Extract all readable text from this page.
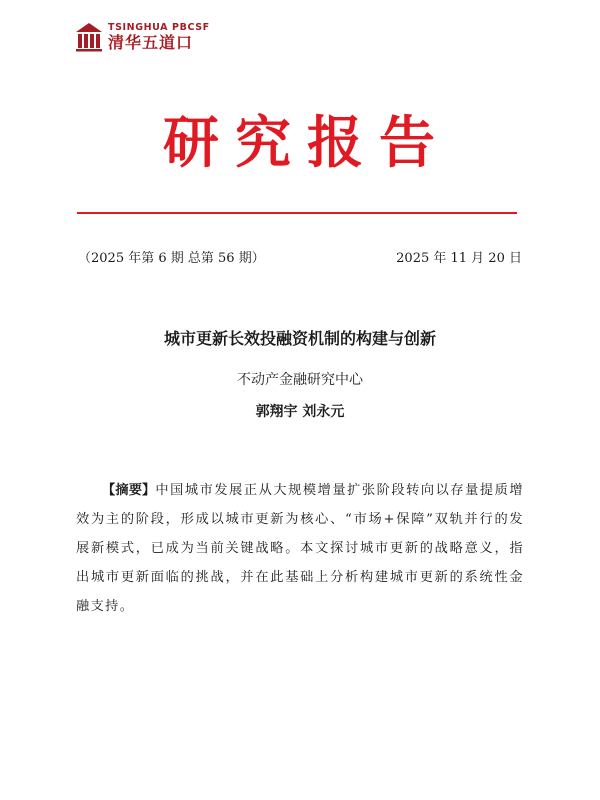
TSINGHUA PBCSF
清华五道口
研究报告
（2025 年第 6 期 总第 56 期）	2025 年 11 月 20 日
城市更新长效投融资机制的构建与创新
不动产金融研究中心
郭翔宇 刘永元
【摘要】中国城市发展正从大规模增量扩张阶段转向以存量提质增效为主的阶段，形成以城市更新为核心、“市场+保障”双轨并行的发展新模式，已成为当前关键战略。本文探讨城市更新的战略意义，指出城市更新面临的挑战，并在此基础上分析构建城市更新的系统性金融支持。
